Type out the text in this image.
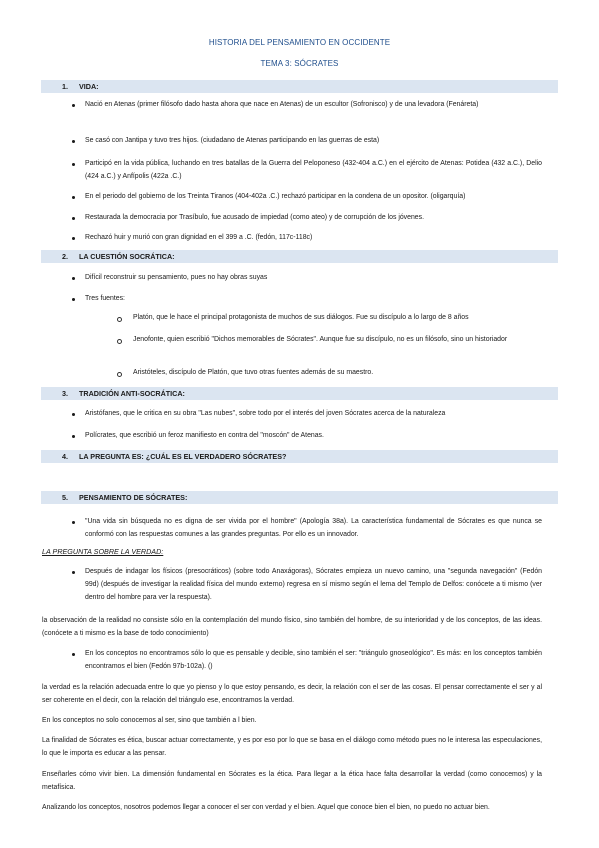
HISTORIA DEL PENSAMIENTO EN OCCIDENTE
TEMA 3: SÓCRATES
1. VIDA:
Nació en Atenas (primer filósofo dado hasta ahora que nace en Atenas) de un escultor (Sofronisco) y de una levadora (Fenáreta)
Se casó con Jantipa y tuvo tres hijos. (ciudadano de Atenas participando en las guerras de esta)
Participó en la vida pública, luchando en tres batallas de la Guerra del Peloponeso (432-404 a.C.) en el ejército de Atenas: Potidea (432 a.C.), Delio (424 a.C.) y Anfípolis (422a .C.)
En el periodo del gobierno de los Treinta Tiranos (404-402a .C.) rechazó participar en la condena de un opositor. (oligarquía)
Restaurada la democracia por Trasíbulo, fue acusado de impiedad (como ateo) y de corrupción de los jóvenes.
Rechazó huir y murió con gran dignidad en el 399 a .C. (fedón, 117c-118c)
2. LA CUESTIÓN SOCRÁTICA:
Difícil reconstruir su pensamiento, pues no hay obras suyas
Tres fuentes:
Platón, que le hace el principal protagonista de muchos de sus diálogos. Fue su discípulo a lo largo de 8 años
Jenofonte, quien escribió "Dichos memorables de Sócrates". Aunque fue su discípulo, no es un filósofo, sino un historiador
Aristóteles, discípulo de Platón, que tuvo otras fuentes además de su maestro.
3. TRADICIÓN ANTI-SOCRÁTICA:
Aristófanes, que le critica en su obra "Las nubes", sobre todo por el interés del joven Sócrates acerca de la naturaleza
Polícrates, que escribió un feroz manifiesto en contra del "moscón" de Atenas.
4. LA PREGUNTA ES: ¿CUÁL ES EL VERDADERO SÓCRATES?
5. PENSAMIENTO DE SÓCRATES:
"Una vida sin búsqueda no es digna de ser vivida por el hombre" (Apología 38a). La característica fundamental de Sócrates es que nunca se conformó con las respuestas comunes a las grandes preguntas. Por ello es un innovador.
LA PREGUNTA SOBRE LA VERDAD:
Después de indagar los físicos (presocráticos) (sobre todo Anaxágoras), Sócrates empieza un nuevo camino, una "segunda navegación" (Fedón 99d) (después de investigar la realidad física del mundo externo) regresa en sí mismo según el lema del Templo de Delfos: conócete a ti mismo (ver dentro del hombre para ver la respuesta).
la observación de la realidad no consiste sólo en la contemplación del mundo físico, sino también del hombre, de su interioridad y de los conceptos, de las ideas. (conócete a ti mismo es la base de todo conocimiento)
En los conceptos no encontramos sólo lo que es pensable y decible, sino también el ser: "triángulo gnoseológico". Es más: en los conceptos también encontramos el bien (Fedón 97b-102a). ()
la verdad es la relación adecuada entre lo que yo pienso y lo que estoy pensando, es decir, la relación con el ser de las cosas. El pensar correctamente el ser y al ser coherente en el decir, con la relación del triángulo ese, encontramos la verdad.
En los conceptos no solo conocemos al ser, sino que también a l bien.
La finalidad de Sócrates es ética, buscar actuar correctamente, y es por eso por lo que se basa en el diálogo como método pues no le interesa las especulaciones, lo que le importa es educar a las pensar.
Enseñarles cómo vivir bien. La dimensión fundamental en Sócrates es la ética. Para llegar a la ética hace falta desarrollar la verdad (como conocemos) y la metafísica.
Analizando los conceptos, nosotros podemos llegar a conocer el ser con verdad y el bien. Aquel que conoce bien el bien, no puedo no actuar bien.
